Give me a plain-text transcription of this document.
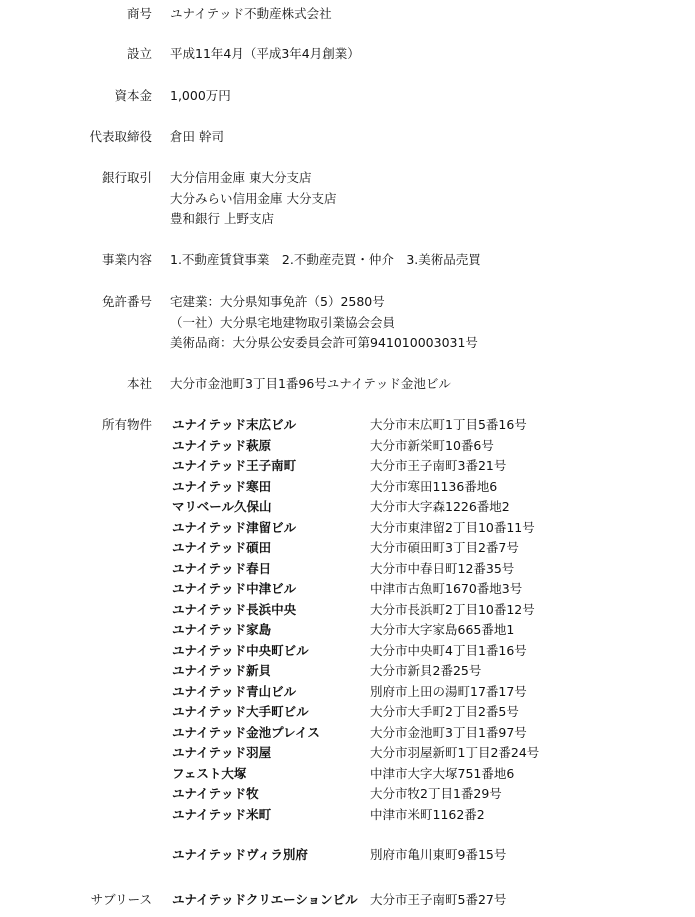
商号 ユナイテッド不動産株式会社
設立 平成11年4月（平成3年4月創業）
資本金 1,000万円
代表取締役 倉田 幹司
銀行取引 大分信用金庫 東大分支店
大分みらい信用金庫 大分支店
豊和銀行 上野支店
事業内容 1.不動産賃貸事業　2.不動産売買・仲介　3.美術品売買
免許番号 宅建業：大分県知事免許（5）2580号
（一社）大分県宅地建物取引業協会会員
美術品商：大分県公安委員会許可第941010003031号
本社 大分市金池町3丁目1番96号ユナイテッド金池ビル
所有物件 ユナイテッド末広ビル	大分市末広町1丁目5番16号
ユナイテッド萩原	大分市新栄町10番6号
ユナイテッド王子南町	大分市王子南町3番21号
ユナイテッド寒田	大分市寒田1136番地6
マリベール久保山	大分市大字森1226番地2
ユナイテッド津留ビル	大分市東津留2丁目10番11号
ユナイテッド碩田	大分市碩田町3丁目2番7号
ユナイテッド春日	大分市中春日町12番35号
ユナイテッド中津ビル	中津市古魚町1670番地3号
ユナイテッド長浜中央	大分市長浜町2丁目10番12号
ユナイテッド家島	大分市大字家島665番地1
ユナイテッド中央町ビル	大分市中央町4丁目1番16号
ユナイテッド新貝	大分市新貝2番25号
ユナイテッド青山ビル	別府市上田の湯町17番17号
ユナイテッド大手町ビル	大分市大手町2丁目2番5号
ユナイテッド金池プレイス	大分市金池町3丁目1番97号
ユナイテッド羽屋	大分市羽屋新町1丁目2番24号
フェスト大塚	中津市大字大塚751番地6
ユナイテッド牧	大分市牧2丁目1番29号
ユナイテッド米町	中津市米町1162番2
ユナイテッドヴィラ別府	別府市亀川東町9番15号
サブリース ユナイテッドクリエーションビル 大分市王子南町5番27号
